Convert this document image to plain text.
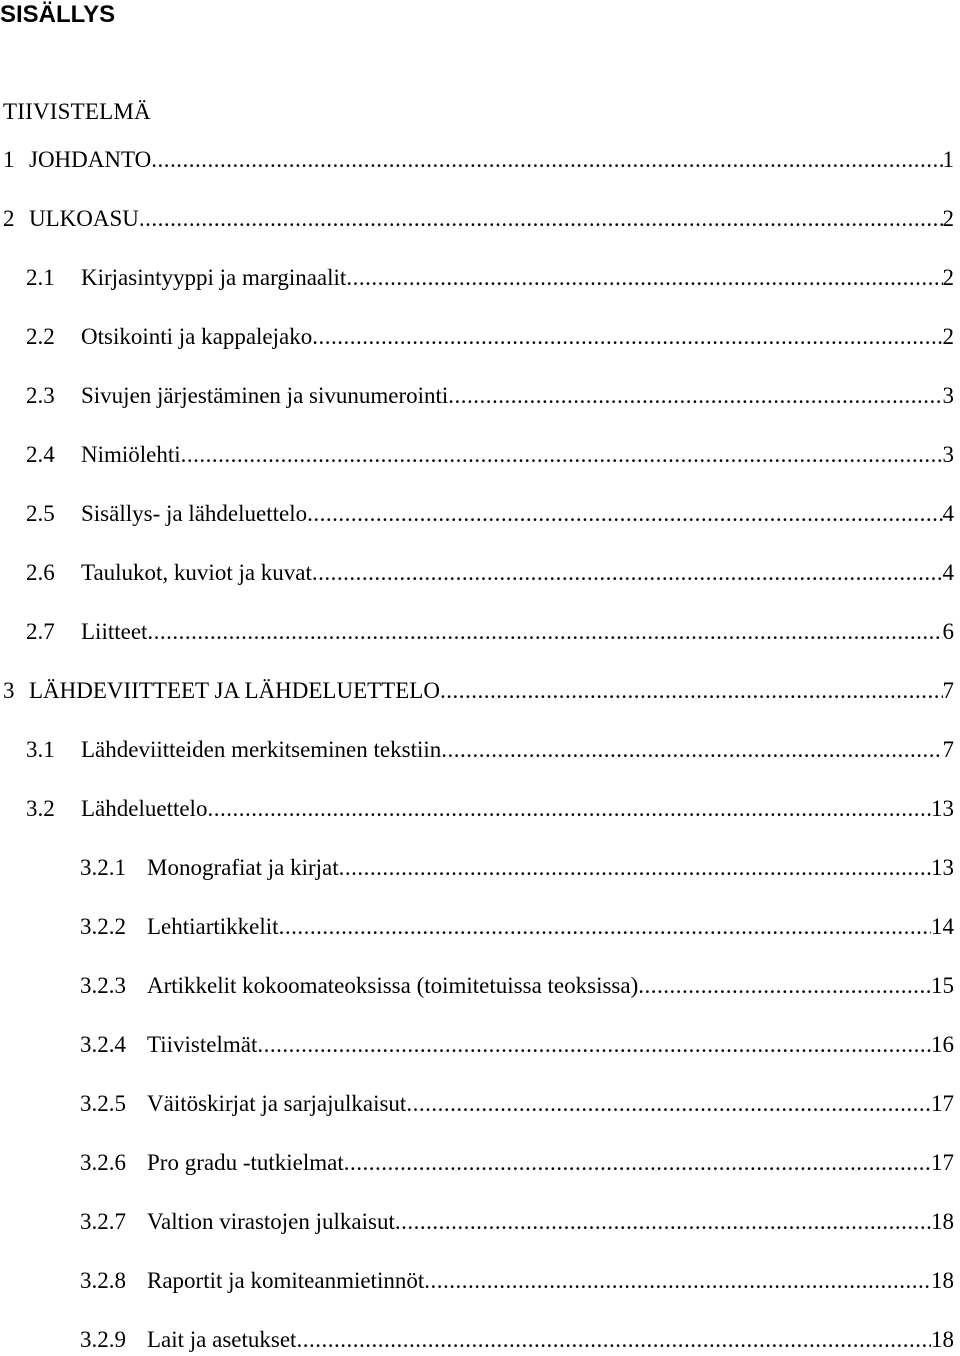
SISÄLLYS
TIIVISTELMÄ
1 JOHDANTO .....	1
2 ULKOASU .....	2
2.1	Kirjasintyyppi ja marginaalit .....	2
2.2	Otsikointi ja kappalejako .....	2
2.3	Sivujen järjestäminen ja sivunumerointi .....	3
2.4	Nimiölehti .....	3
2.5	Sisällys- ja lähdeluettelo .....	4
2.6	Taulukot, kuviot ja kuvat .....	4
2.7	Liitteet .....	6
3 LÄHDEVIITTEET JA LÄHDELUETTELO .....	7
3.1	Lähdeviitteiden merkitseminen tekstiin .....	7
3.2	Lähdeluettelo .....	13
3.2.1 Monografiat ja kirjat .....	13
3.2.2 Lehtiartikkelit .....	14
3.2.3 Artikkelit kokoomateoksissa (toimitetuissa teoksissa) .....	15
3.2.4 Tiivistelmät .....	16
3.2.5 Väitöskirjat ja sarjajulkaisut .....	17
3.2.6 Pro gradu -tutkielmat .....	17
3.2.7 Valtion virastojen julkaisut .....	18
3.2.8 Raportit ja komiteanmietinnöt .....	18
3.2.9 Lait ja asetukset .....	18
